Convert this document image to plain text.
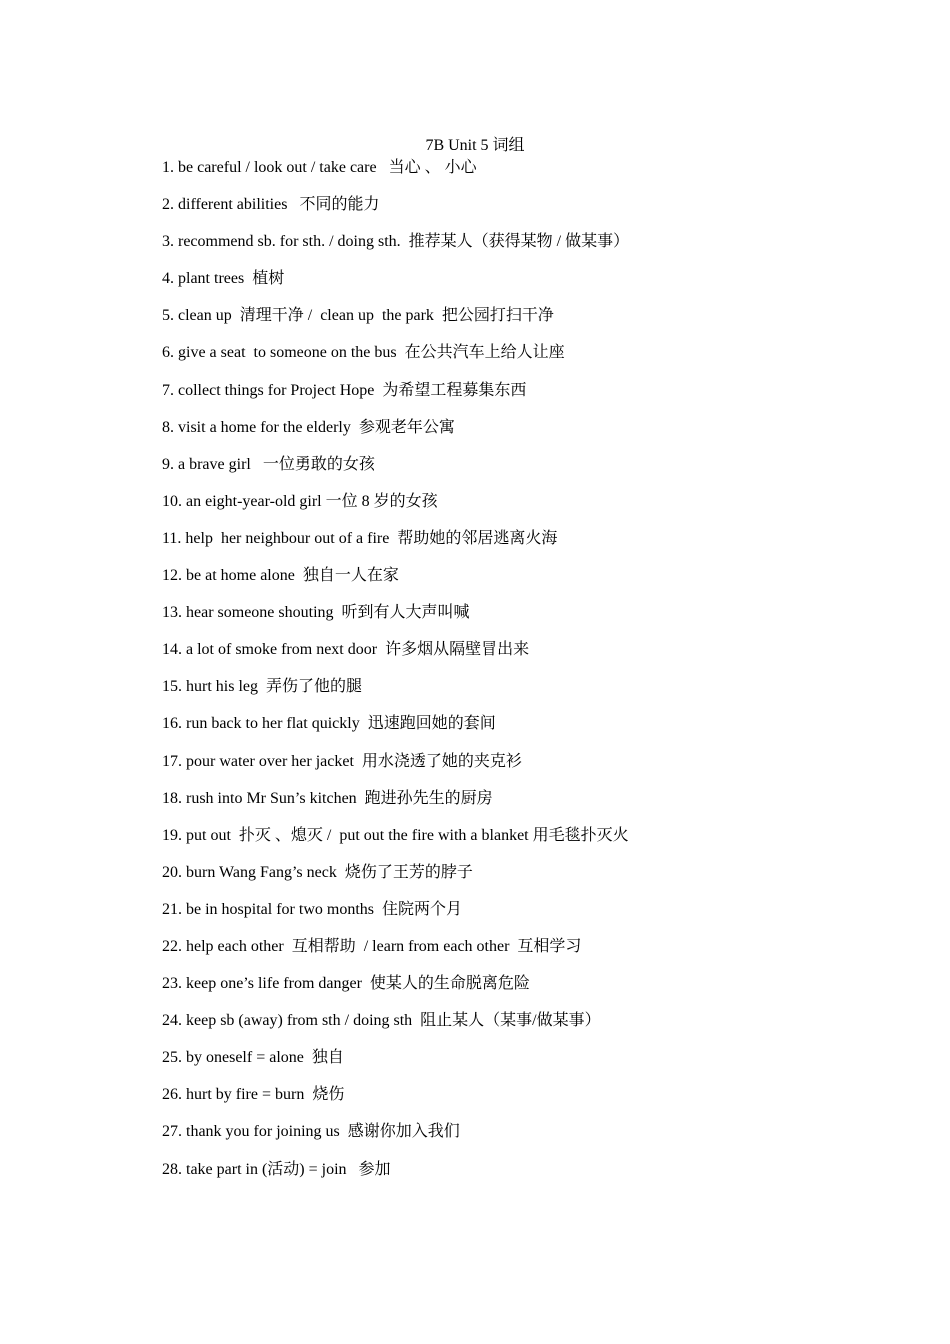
7B Unit 5 词组
1. be careful / look out / take care   当心 、 小心
2. different abilities   不同的能力
3. recommend sb. for sth. / doing sth.  推荐某人（获得某物 / 做某事）
4. plant trees  植树
5. clean up  清理干净 /  clean up  the park  把公园打扫干净
6. give a seat  to someone on the bus  在公共汽车上给人让座
7. collect things for Project Hope  为希望工程募集东西
8. visit a home for the elderly  参观老年公寓
9. a brave girl   一位勇敢的女孩
10. an eight-year-old girl 一位 8 岁的女孩
11. help  her neighbour out of a fire  帮助她的邻居逃离火海
12. be at home alone  独自一人在家
13. hear someone shouting  听到有人大声叫喊
14. a lot of smoke from next door  许多烟从隔壁冒出来
15. hurt his leg  弄伤了他的腿
16. run back to her flat quickly  迅速跑回她的套间
17. pour water over her jacket  用水浇透了她的夹克衫
18. rush into Mr Sun’s kitchen  跑进孙先生的厨房
19. put out  扑灭 、熄灭 /  put out the fire with a blanket 用毛毯扑灭火
20. burn Wang Fang’s neck  烧伤了王芳的脖子
21. be in hospital for two months  住院两个月
22. help each other  互相帮助  / learn from each other  互相学习
23. keep one’s life from danger  使某人的生命脱离危险
24. keep sb (away) from sth / doing sth  阻止某人（某事/做某事）
25. by oneself = alone  独自
26. hurt by fire = burn  烧伤
27. thank you for joining us  感谢你加入我们
28. take part in (活动) = join   参加
